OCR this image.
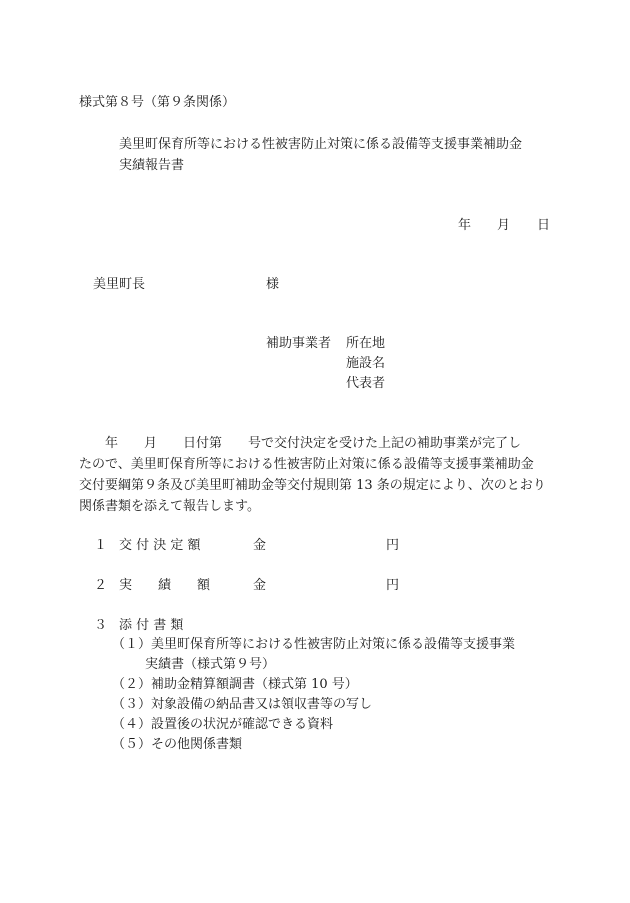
様式第８号（第９条関係）
美里町保育所等における性被害防止対策に係る設備等支援事業補助金
実績報告書
年 月 日
美里町長	様
補助事業者 所在地
施設名
代表者
　　年　　月　　日付第　　号で交付決定を受けた上記の補助事業が完了し
たので、美里町保育所等における性被害防止対策に係る設備等支援事業補助金
交付要綱第９条及び美里町補助金等交付規則第 13 条の規定により、次のとおり
関係書類を添えて報告します。
１ 交 付 決 定 額	金	円
２ 実　　績　　額	金	円
３ 添 付 書 類
（１）美里町保育所等における性被害防止対策に係る設備等支援事業
実績書（様式第９号）
（２）補助金精算額調書（様式第 10 号）
（３）対象設備の納品書又は領収書等の写し
（４）設置後の状況が確認できる資料
（５）その他関係書類
